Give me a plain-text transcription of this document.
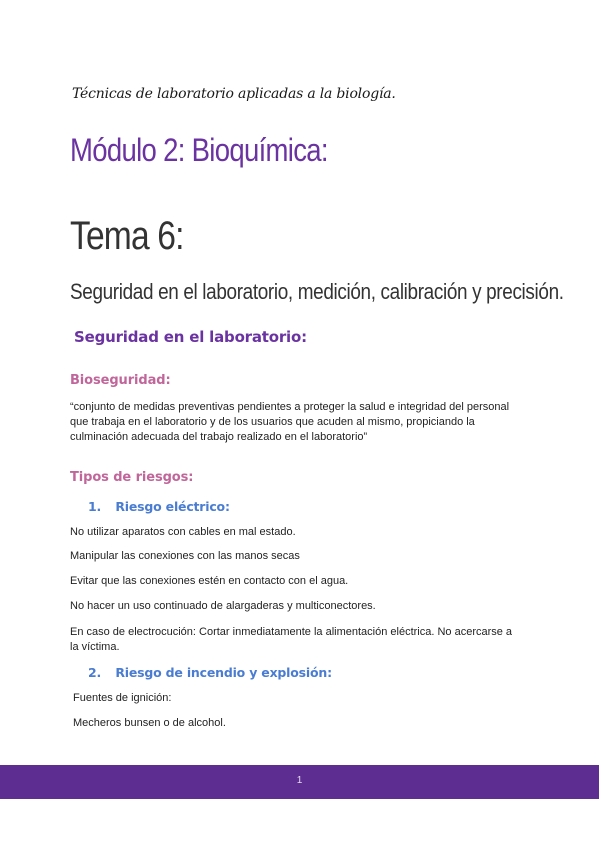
Técnicas de laboratorio aplicadas a la biología.
Módulo 2: Bioquímica:
Tema 6:
Seguridad en el laboratorio, medición, calibración y precisión.
Seguridad en el laboratorio:
Bioseguridad:
“conjunto de medidas preventivas pendientes a proteger la salud e integridad del personal que trabaja en el laboratorio y de los usuarios que acuden al mismo, propiciando la culminación adecuada del trabajo realizado en el laboratorio”
Tipos de riesgos:
1. Riesgo eléctrico:
No utilizar aparatos con cables en mal estado.
Manipular las conexiones con las manos secas
Evitar que las conexiones estén en contacto con el agua.
No hacer un uso continuado de alargaderas y multiconectores.
En caso de electrocución: Cortar inmediatamente la alimentación eléctrica. No acercarse a la víctima.
2. Riesgo de incendio y explosión:
Fuentes de ignición:
Mecheros bunsen o de alcohol.
1
